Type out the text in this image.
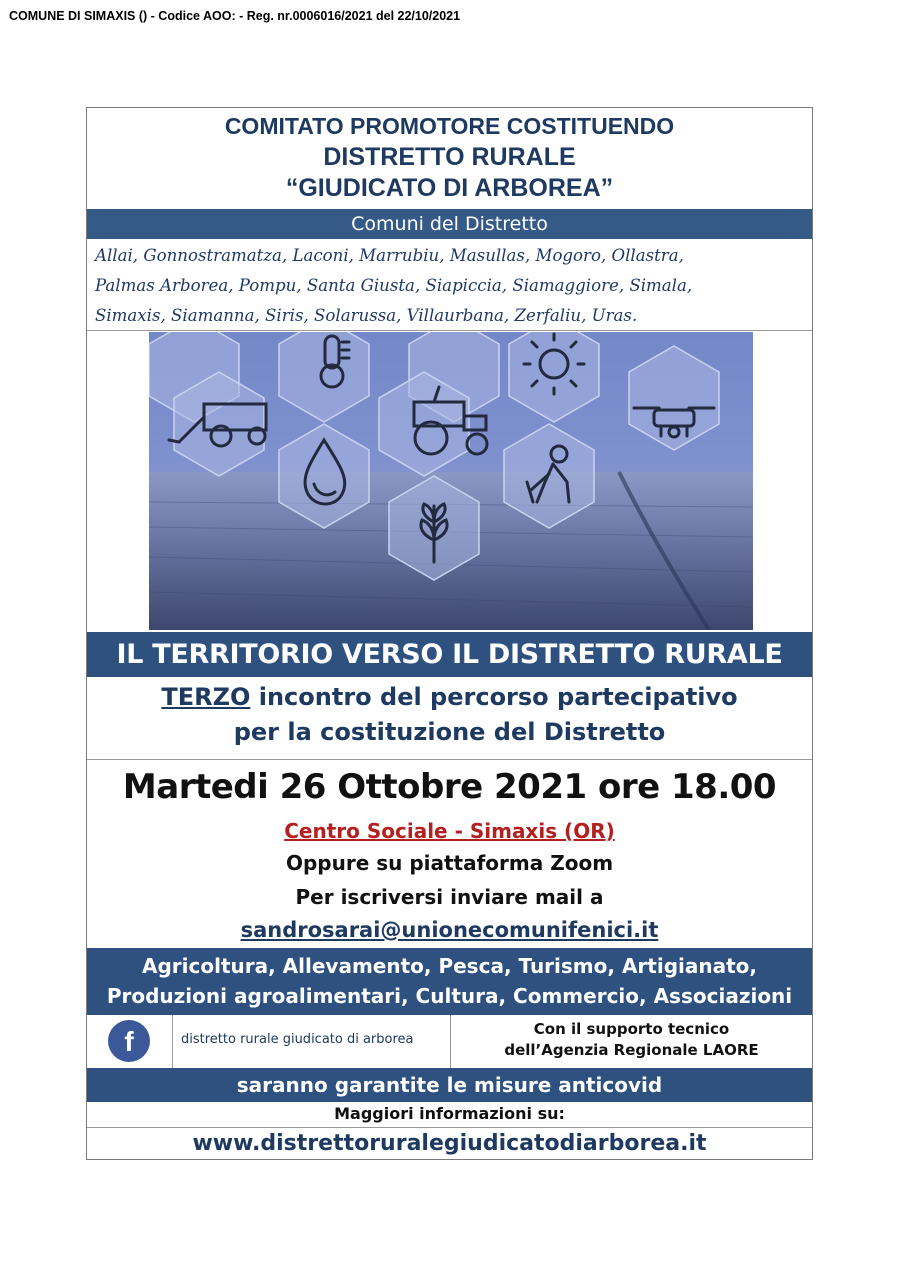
COMUNE DI SIMAXIS () - Codice AOO: - Reg. nr.0006016/2021 del 22/10/2021
COMITATO PROMOTORE COSTITUENDO
DISTRETTO RURALE
“GIUDICATO DI ARBOREA”
Comuni del Distretto
Allai, Gonnostramatza, Laconi, Marrubiu, Masullas, Mogoro, Ollastra,
Palmas Arborea, Pompu, Santa Giusta, Siapiccia, Siamaggiore, Simala,
Simaxis, Siamanna, Siris, Solarussa, Villaurbana, Zerfaliu, Uras.
IL TERRITORIO VERSO IL DISTRETTO RURALE
TERZO incontro del percorso partecipativo
per la costituzione del Distretto
Martedi 26 Ottobre 2021 ore 18.00
Centro Sociale - Simaxis (OR)
Oppure su piattaforma Zoom
Per iscriversi inviare mail a
sandrosarai@unionecomunifenici.it
Agricoltura, Allevamento, Pesca, Turismo, Artigianato,
Produzioni agroalimentari, Cultura, Commercio, Associazioni
f	distretto rurale giudicato di arborea
Con il supporto tecnico
dell’Agenzia Regionale LAORE
saranno garantite le misure anticovid
Maggiori informazioni su:
www.distrettoruralegiudicatodiarborea.it
